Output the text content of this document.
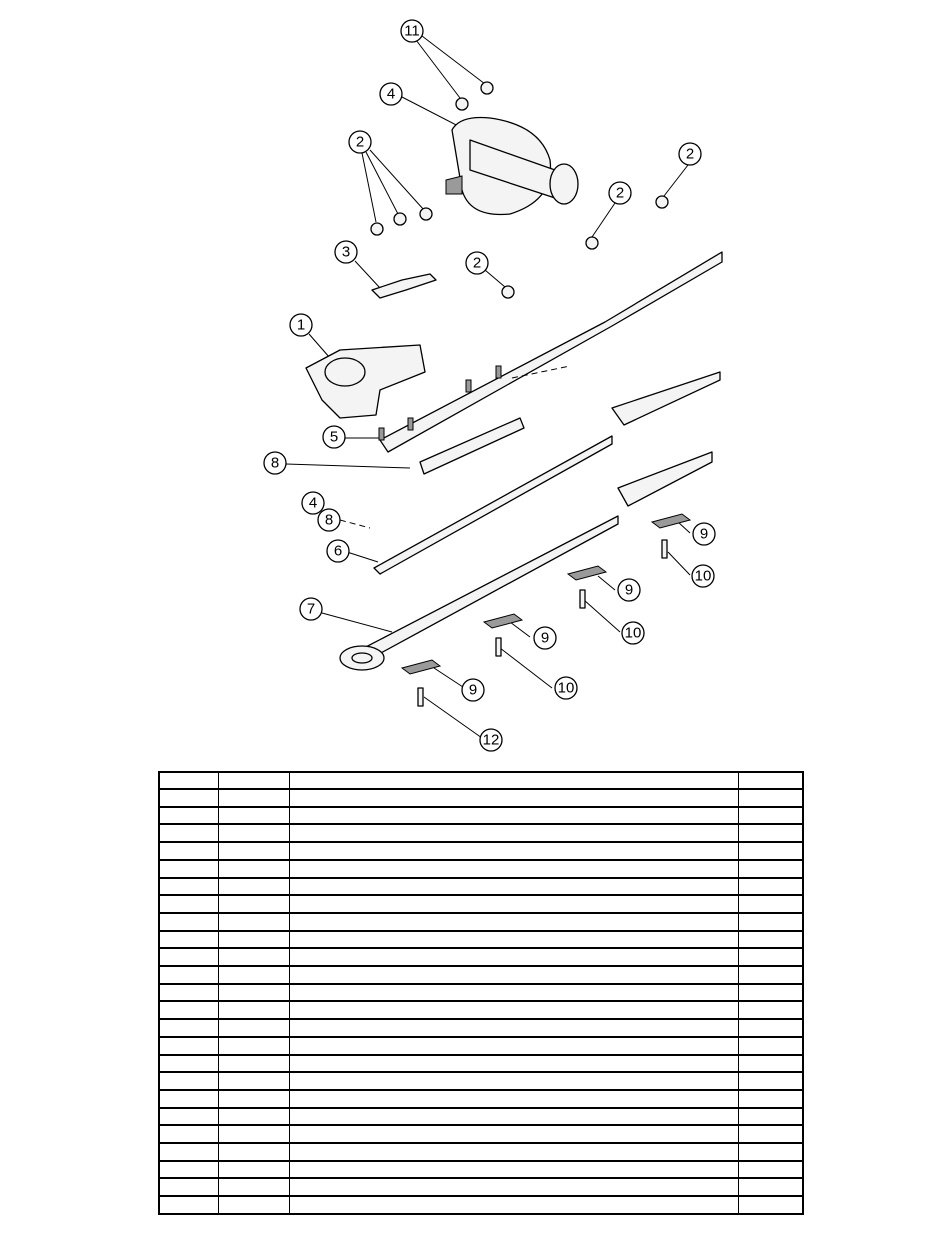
11
4
2
2
2
2
3
1
5
8
4
8
6
7
9
9
9
9
10
10
10
12
